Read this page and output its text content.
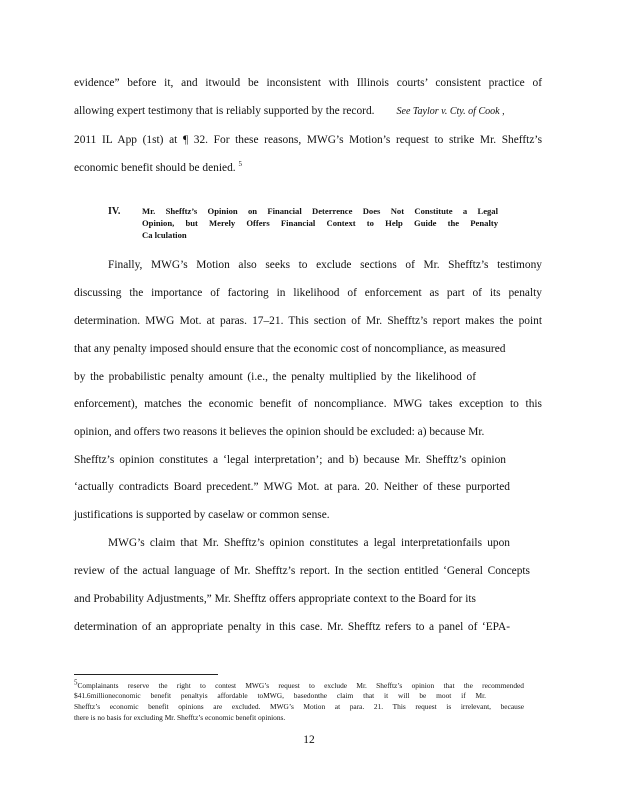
evidence” before it, and itwould be inconsistent with Illinois courts’ consistent practice of
allowing expert testimony that is reliably supported by the record. See Taylor v. Cty. of Cook ,
2011 IL App (1st) at ¶ 32. For these reasons, MWG’s Motion’s request to strike Mr. Shefftz’s
economic benefit should be denied. $^5$
IV.	Mr. Shefftz’s Opinion on Financial Deterrence Does Not Constitute a Legal
Opinion, but Merely Offers Financial Context to Help Guide the Penalty
Ca lculation
Finally, MWG’s Motion also seeks to exclude sections of Mr. Shefftz’s testimony
discussing the importance of factoring in likelihood of enforcement as part of its penalty
determination. MWG Mot. at paras. 17–21. This section of Mr. Shefftz’s report makes the point
that any penalty imposed should ensure that the economic cost of noncompliance, as measured
by the probabilistic penalty amount (i.e., the penalty multiplied by the likelihood of
enforcement), matches the economic benefit of noncompliance. MWG takes exception to this
opinion, and offers two reasons it believes the opinion should be excluded: a) because Mr.
Shefftz’s opinion constitutes a ‘legal interpretation’; and b) because Mr. Shefftz’s opinion
‘actually contradicts Board precedent.” MWG Mot. at para. 20. Neither of these purported
justifications is supported by caselaw or common sense.
MWG’s claim that Mr. Shefftz’s opinion constitutes a legal interpretationfails upon
review of the actual language of Mr. Shefftz’s report. In the section entitled ‘General Concepts
and Probability Adjustments,” Mr. Shefftz offers appropriate context to the Board for its
determination of an appropriate penalty in this case. Mr. Shefftz refers to a panel of ‘EPA-
5Complainants reserve the right to contest MWG’s request to exclude Mr. Shefftz’s opinion that the recommended
$41.6millioneconomic benefit penaltyis affordable toMWG, basedonthe claim that it will be moot if Mr.
Shefftz’s economic benefit opinions are excluded. MWG’s Motion at para. 21. This request is irrelevant, because
there is no basis for excluding Mr. Shefftz’s economic benefit opinions.
12
